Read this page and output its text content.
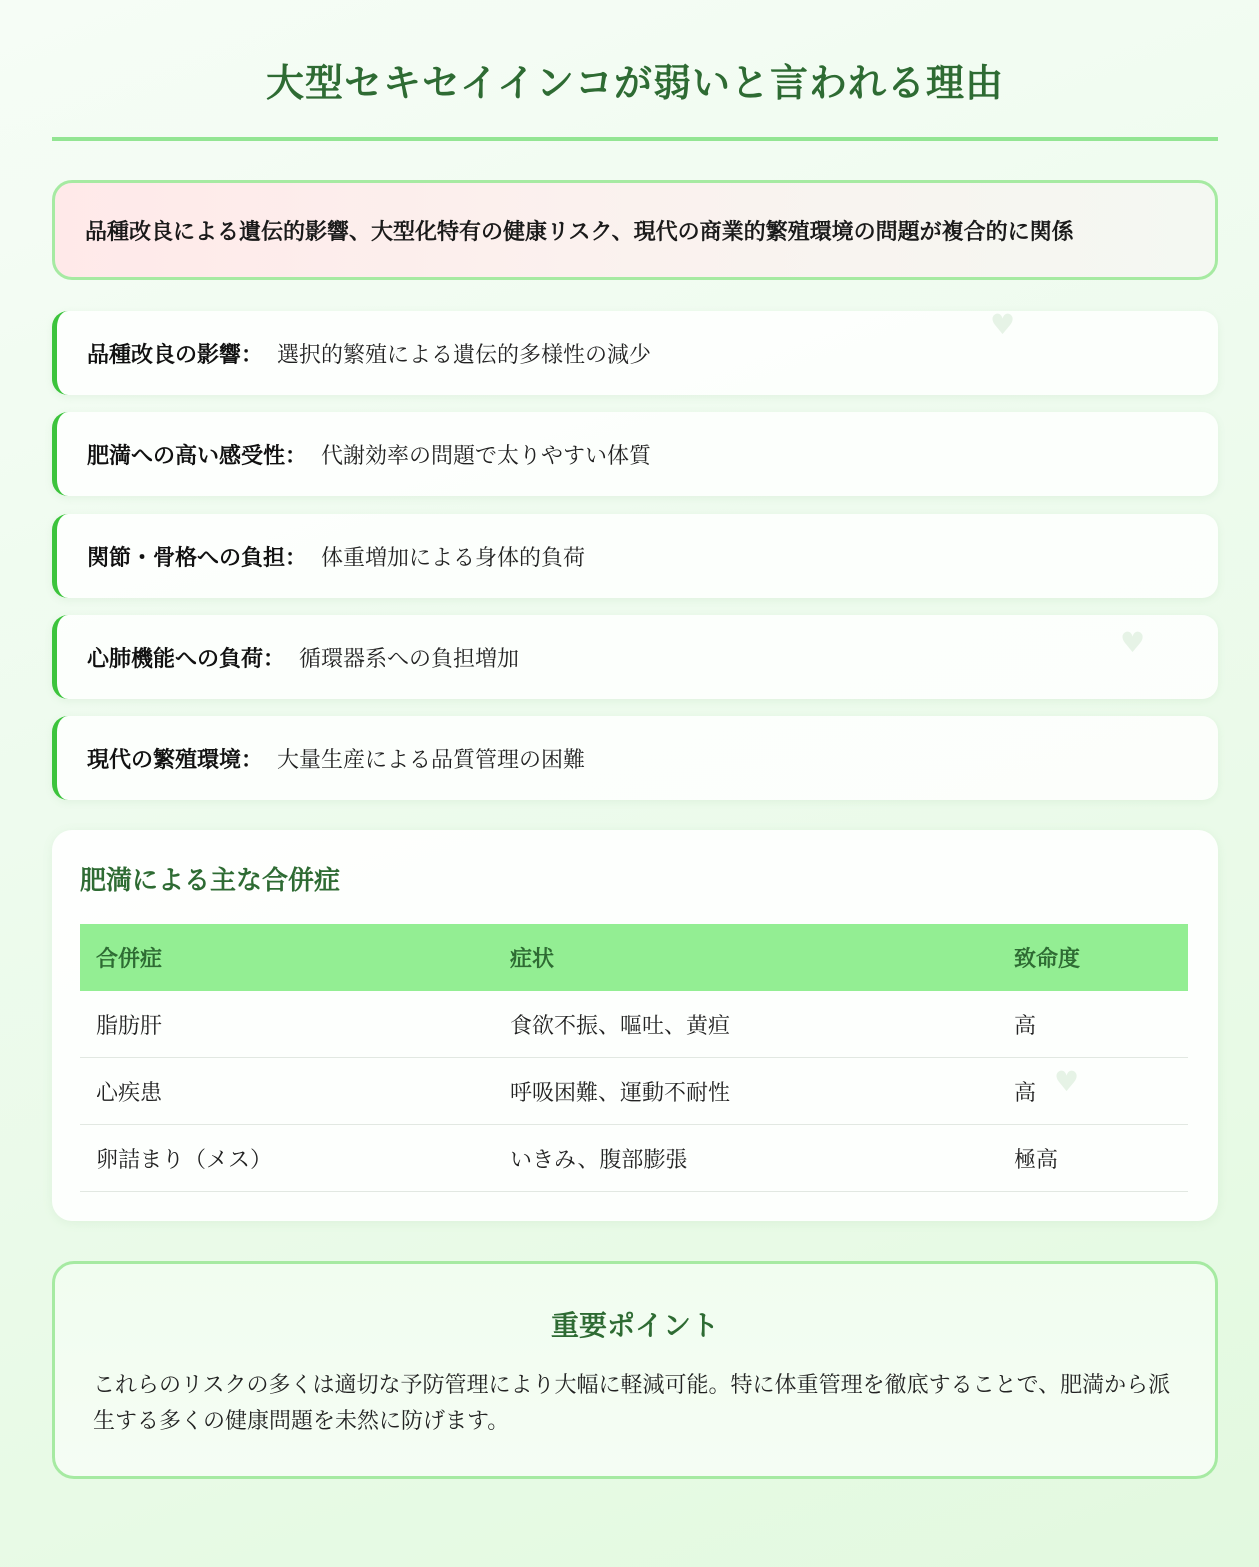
大型セキセイインコが弱いと言われる理由
品種改良による遺伝的影響、大型化特有の健康リスク、現代の商業的繁殖環境の問題が複合的に関係
品種改良の影響 ： 選択的繁殖による遺伝的多様性の減少
♥
肥満への高い感受性 ： 代謝効率の問題で太りやすい体質
関節・骨格への負担 ： 体重増加による身体的負荷
心肺機能への負荷 ： 循環器系への負担増加	♥
現代の繁殖環境 ： 大量生産による品質管理の困難
肥満による主な合併症
合併症	症状	致命度
脂肪肝	食欲不振、嘔吐、黄疸	高
心疾患	呼吸困難、運動不耐性	高
卵詰まり（メス）	いきみ、腹部膨張	極高
♥
重要ポイント

これらのリスクの多くは適切な予防管理により大幅に軽減可能。特に体重管理を徹底することで、肥満から派生する多くの健康問題を未然に防げます。
